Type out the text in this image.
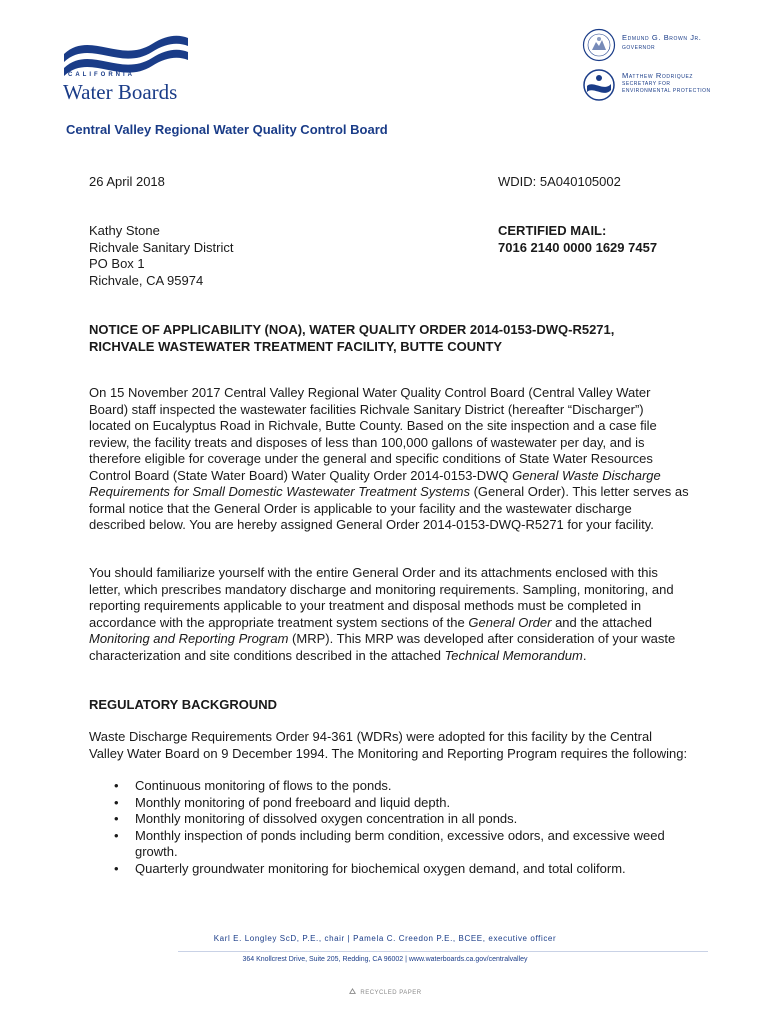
CALIFORNIA
Water Boards
Edmund G. Brown Jr.
GOVERNOR
Matthew Rodriquez
SECRETARY FOR
ENVIRONMENTAL PROTECTION
Central Valley Regional Water Quality Control Board
26 April 2018	WDID: 5A040105002
Kathy Stone
Richvale Sanitary District
PO Box 1
Richvale, CA 95974
CERTIFIED MAIL:
7016 2140 0000 1629 7457
NOTICE OF APPLICABILITY (NOA), WATER QUALITY ORDER 2014-0153-DWQ-R5271,
RICHVALE WASTEWATER TREATMENT FACILITY, BUTTE COUNTY
On 15 November 2017 Central Valley Regional Water Quality Control Board (Central Valley Water Board) staff inspected the wastewater facilities Richvale Sanitary District (hereafter “Discharger”) located on Eucalyptus Road in Richvale, Butte County. Based on the site inspection and a case file review, the facility treats and disposes of less than 100,000 gallons of wastewater per day, and is therefore eligible for coverage under the general and specific conditions of State Water Resources Control Board (State Water Board) Water Quality Order 2014-0153-DWQ General Waste Discharge Requirements for Small Domestic Wastewater Treatment Systems (General Order). This letter serves as formal notice that the General Order is applicable to your facility and the wastewater discharge described below. You are hereby assigned General Order 2014-0153-DWQ-R5271 for your facility.
You should familiarize yourself with the entire General Order and its attachments enclosed with this letter, which prescribes mandatory discharge and monitoring requirements. Sampling, monitoring, and reporting requirements applicable to your treatment and disposal methods must be completed in accordance with the appropriate treatment system sections of the General Order and the attached Monitoring and Reporting Program (MRP). This MRP was developed after consideration of your waste characterization and site conditions described in the attached Technical Memorandum.
REGULATORY BACKGROUND
Waste Discharge Requirements Order 94-361 (WDRs) were adopted for this facility by the Central Valley Water Board on 9 December 1994. The Monitoring and Reporting Program requires the following:
• Continuous monitoring of flows to the ponds.
• Monthly monitoring of pond freeboard and liquid depth.
• Monthly monitoring of dissolved oxygen concentration in all ponds.
• Monthly inspection of ponds including berm condition, excessive odors, and excessive weed growth.
• Quarterly groundwater monitoring for biochemical oxygen demand, and total coliform.
Karl E. Longley ScD, P.E., chair | Pamela C. Creedon P.E., BCEE, executive officer
364 Knollcrest Drive, Suite 205, Redding, CA 96002 | www.waterboards.ca.gov/centralvalley
RECYCLED PAPER
